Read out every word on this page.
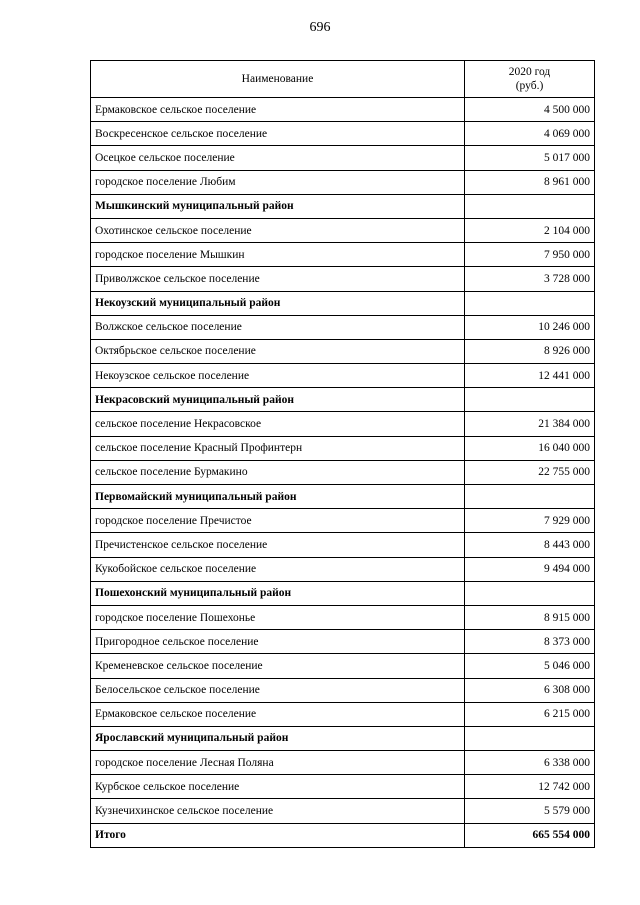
696
Наименование	2020 год
(руб.)

Ермаковское сельское поселение	4 500 000
Воскресенское сельское поселение	4 069 000
Осецкое сельское поселение	5 017 000
городское поселение Любим	8 961 000
Мышкинский муниципальный район	
Охотинское сельское поселение	2 104 000
городское поселение Мышкин	7 950 000
Приволжское сельское поселение	3 728 000
Некоузский муниципальный район	
Волжское сельское поселение	10 246 000
Октябрьское сельское поселение	8 926 000
Некоузское сельское поселение	12 441 000
Некрасовский муниципальный район	
сельское поселение Некрасовское	21 384 000
сельское поселение Красный Профинтерн	16 040 000
сельское поселение Бурмакино	22 755 000
Первомайский муниципальный район	
городское поселение Пречистое	7 929 000
Пречистенское сельское поселение	8 443 000
Кукобойское сельское поселение	9 494 000
Пошехонский муниципальный район	
городское поселение Пошехонье	8 915 000
Пригородное сельское поселение	8 373 000
Кременевское сельское поселение	5 046 000
Белосельское сельское поселение	6 308 000
Ермаковское сельское поселение	6 215 000
Ярославский муниципальный район	
городское поселение Лесная Поляна	6 338 000
Курбское сельское поселение	12 742 000
Кузнечихинское сельское поселение	5 579 000
Итого	665 554 000
